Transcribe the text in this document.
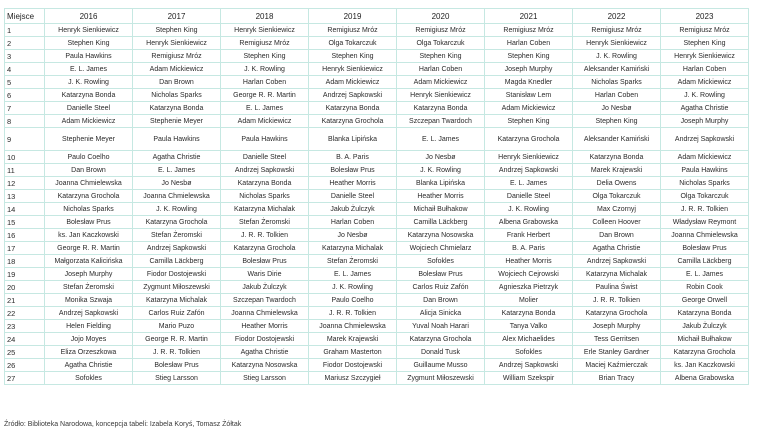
Miejsce	2016	2017	2018	2019	2020	2021	2022	2023
1	Henryk Sienkiewicz	Stephen King	Henryk Sienkiewicz	Remigiusz Mróz	Remigiusz Mróz	Remigiusz Mróz	Remigiusz Mróz	Remigiusz Mróz
2	Stephen King	Henryk Sienkiewicz	Remigiusz Mróz	Olga Tokarczuk	Olga Tokarczuk	Harlan Coben	Henryk Sienkiewicz	Stephen King
3	Paula Hawkins	Remigiusz Mróz	Stephen King	Stephen King	Stephen King	Stephen King	J. K. Rowling	Henryk Sienkiewicz
4	E. L. James	Adam Mickiewicz	J. K. Rowling	Henryk Sienkiewicz	Harlan Coben	Joseph Murphy	Aleksander Kamiński	Harlan Coben
5	J. K. Rowling	Dan Brown	Harlan Coben	Adam Mickiewicz	Adam Mickiewicz	Magda Knedler	Nicholas Sparks	Adam Mickiewicz
6	Katarzyna Bonda	Nicholas Sparks	George R. R. Martin	Andrzej Sapkowski	Henryk Sienkiewicz	Stanisław Lem	Harlan Coben	J. K. Rowling
7	Danielle Steel	Katarzyna Bonda	E. L. James	Katarzyna Bonda	Katarzyna Bonda	Adam Mickiewicz	Jo Nesbø	Agatha Christie
8	Adam Mickiewicz	Stephenie Meyer	Adam Mickiewicz	Katarzyna Grochola	Szczepan Twardoch	Stephen King	Stephen King	Joseph Murphy
9	Stephenie Meyer	Paula Hawkins	Paula Hawkins	Blanka Lipińska	E. L. James	Katarzyna Grochola	Aleksander Kamiński	Andrzej Sapkowski
10	Paulo Coelho	Agatha Christie	Danielle Steel	B. A. Paris	Jo Nesbø	Henryk Sienkiewicz	Katarzyna Bonda	Adam Mickiewicz
11	Dan Brown	E. L. James	Andrzej Sapkowski	Bolesław Prus	J. K. Rowling	Andrzej Sapkowski	Marek Krajewski	Paula Hawkins
12	Joanna Chmielewska	Jo Nesbø	Katarzyna Bonda	Heather Morris	Blanka Lipińska	E. L. James	Delia Owens	Nicholas Sparks
13	Katarzyna Grochola	Joanna Chmielewska	Nicholas Sparks	Danielle Steel	Heather Morris	Danielle Steel	Olga Tokarczuk	Olga Tokarczuk
14	Nicholas Sparks	J. K. Rowling	Katarzyna Michalak	Jakub Żulczyk	Michaił Bułhakow	J. K. Rowling	Max Czornyj	J. R. R. Tolkien
15	Bolesław Prus	Katarzyna Grochola	Stefan Żeromski	Harlan Coben	Camilla Läckberg	Albena Grabowska	Colleen Hoover	Władysław Reymont
16	ks. Jan Kaczkowski	Stefan Żeromski	J. R. R. Tolkien	Jo Nesbø	Katarzyna Nosowska	Frank Herbert	Dan Brown	Joanna Chmielewska
17	George R. R. Martin	Andrzej Sapkowski	Katarzyna Grochola	Katarzyna Michalak	Wojciech Chmielarz	B. A. Paris	Agatha Christie	Bolesław Prus
18	Małgorzata Kalicińska	Camilla Läckberg	Bolesław Prus	Stefan Żeromski	Sofokles	Heather Morris	Andrzej Sapkowski	Camilla Läckberg
19	Joseph Murphy	Fiodor Dostojewski	Waris Dirie	E. L. James	Bolesław Prus	Wojciech Cejrowski	Katarzyna Michalak	E. L. James
20	Stefan Żeromski	Zygmunt Miłoszewski	Jakub Żulczyk	J. K. Rowling	Carlos Ruiz Zafón	Agnieszka Pietrzyk	Paulina Świst	Robin Cook
21	Monika Szwaja	Katarzyna Michalak	Szczepan Twardoch	Paulo Coelho	Dan Brown	Molier	J. R. R. Tolkien	George Orwell
22	Andrzej Sapkowski	Carlos Ruiz Zafón	Joanna Chmielewska	J. R. R. Tolkien	Alicja Sinicka	Katarzyna Bonda	Katarzyna Grochola	Katarzyna Bonda
23	Helen Fielding	Mario Puzo	Heather Morris	Joanna Chmielewska	Yuval Noah Harari	Tanya Valko	Joseph Murphy	Jakub Żulczyk
24	Jojo Moyes	George R. R. Martin	Fiodor Dostojewski	Marek Krajewski	Katarzyna Grochola	Alex Michaelides	Tess Gerritsen	Michaił Bułhakow
25	Eliza Orzeszkowa	J. R. R. Tolkien	Agatha Christie	Graham Masterton	Donald Tusk	Sofokles	Erle Stanley Gardner	Katarzyna Grochola
26	Agatha Christie	Bolesław Prus	Katarzyna Nosowska	Fiodor Dostojewski	Guillaume Musso	Andrzej Sapkowski	Maciej Kaźmierczak	ks. Jan Kaczkowski
27	Sofokles	Stieg Larsson	Stieg Larsson	Mariusz Szczygieł	Zygmunt Miłoszewski	William Szekspir	Brian Tracy	Albena Grabowska
Źródło: Biblioteka Narodowa, koncepcja tabeli: Izabela Koryś, Tomasz Żółtak
